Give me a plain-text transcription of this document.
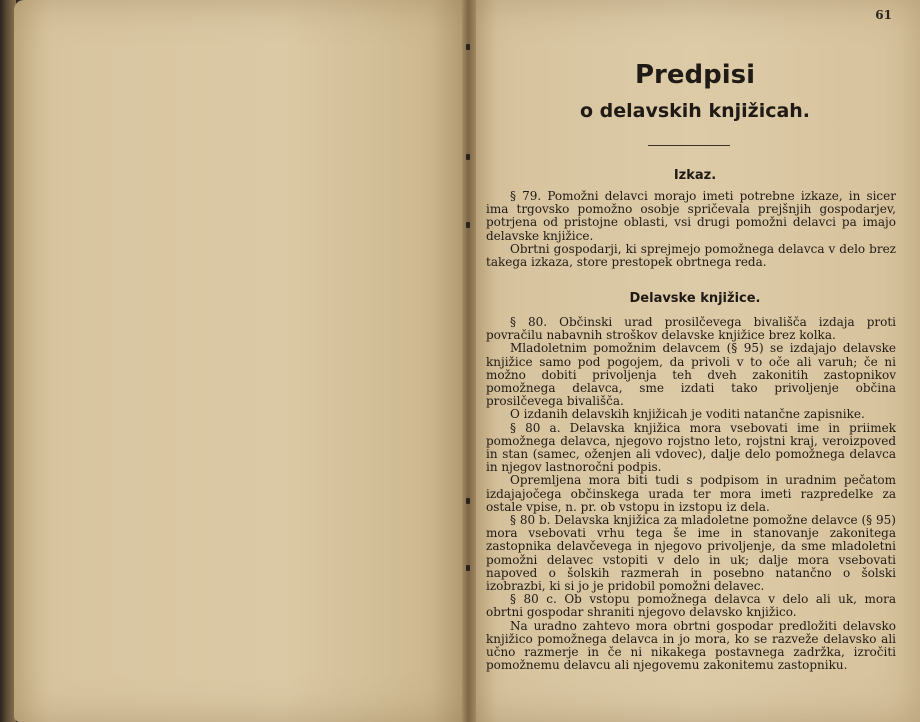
61
Predpisi
o delavskih knjižicah.
Izkaz.

§ 79. Pomožni delavci morajo imeti potrebne izkaze, in sicer ima trgovsko pomožno osobje spričevala prejšnjih gospodarjev, potrjena od pristojne oblasti, vsi drugi pomožni delavci pa imajo delavske knjižice.

Obrtni gospodarji, ki sprejmejo pomožnega delavca v delo brez takega izkaza, store prestopek obrtnega reda.

Delavske knjižice.

§ 80. Občinski urad prosilčevega bivališča izdaja proti povračilu nabavnih stroškov delavske knjižice brez kolka.

Mladoletnim pomožnim delavcem (§ 95) se izdajajo delavske knjižice samo pod pogojem, da privoli v to oče ali varuh; če ni možno dobiti privoljenja teh dveh zakonitih zastopnikov pomožnega delavca, sme izdati tako privoljenje občina prosilčevega bivališča.

O izdanih delavskih knjižicah je voditi natančne zapisnike.

§ 80 a. Delavska knjižica mora vsebovati ime in priimek pomožnega delavca, njegovo rojstno leto, rojstni kraj, veroizpoved in stan (samec, oženjen ali vdovec), dalje delo pomožnega delavca in njegov lastnoročni podpis.

Opremljena mora biti tudi s podpisom in uradnim pečatom izdajajočega občinskega urada ter mora imeti razpredelke za ostale vpise, n. pr. ob vstopu in izstopu iz dela.

§ 80 b. Delavska knjižica za mladoletne pomožne delavce (§ 95) mora vsebovati vrhu tega še ime in stanovanje zakonitega zastopnika delavčevega in njegovo privoljenje, da sme mladoletni pomožni delavec vstopiti v delo in uk; dalje mora vsebovati napoved o šolskih razmerah in posebno natančno o šolski izobrazbi, ki si jo je pridobil pomožni delavec.

§ 80 c. Ob vstopu pomožnega delavca v delo ali uk, mora obrtni gospodar shraniti njegovo delavsko knjižico.

Na uradno zahtevo mora obrtni gospodar predložiti delavsko knjižico pomožnega delavca in jo mora, ko se razveže delavsko ali učno razmerje in če ni nikakega postavnega zadržka, izročiti pomožnemu delavcu ali njegovemu zakonitemu zastopniku.
